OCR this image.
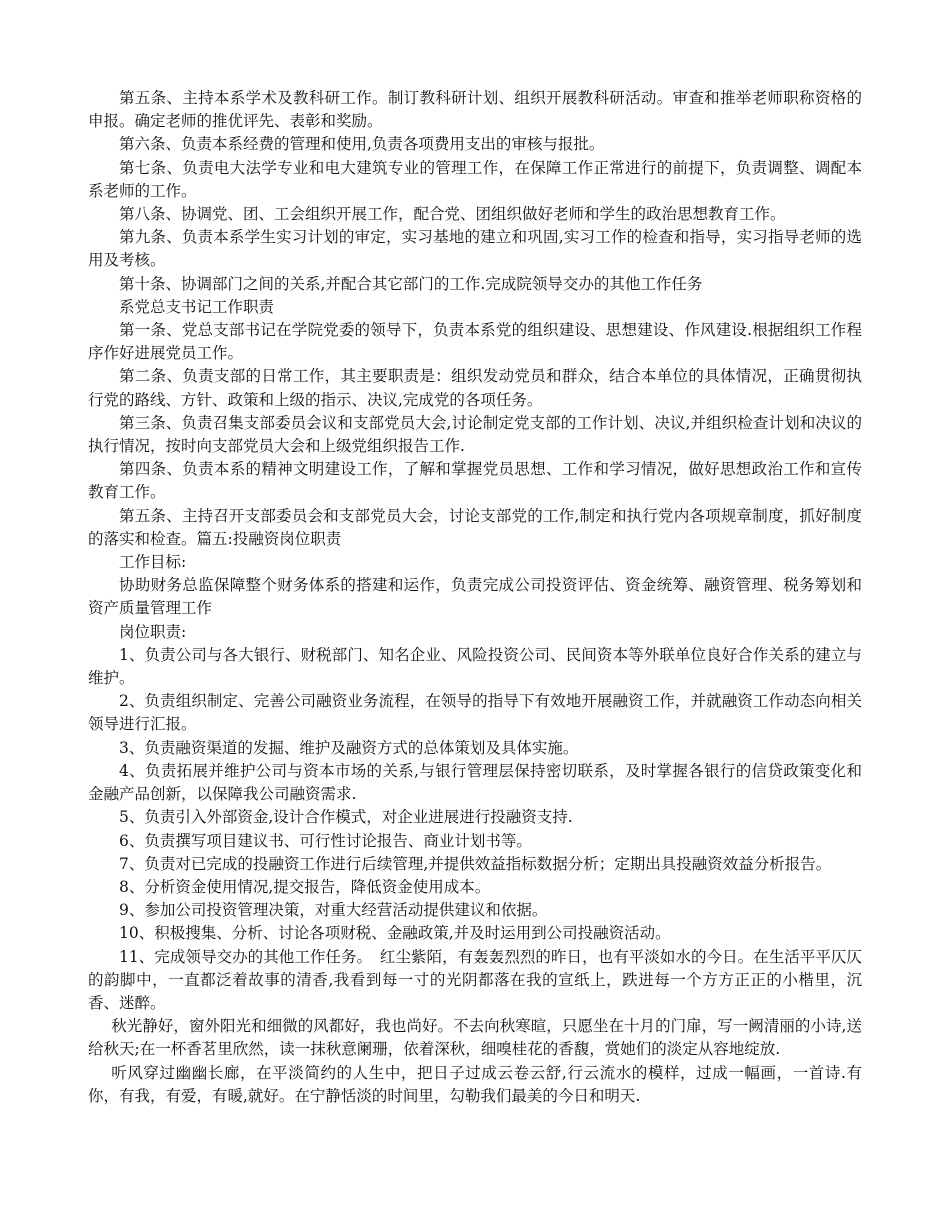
第五条、主持本系学术及教科研工作。制订教科研计划、组织开展教科研活动。审查和推举老师职称资格的申报。确定老师的推优评先、表彰和奖励。

第六条、负责本系经费的管理和使用,负责各项费用支出的审核与报批。

第七条、负责电大法学专业和电大建筑专业的管理工作，在保障工作正常进行的前提下，负责调整、调配本系老师的工作。

第八条、协调党、团、工会组织开展工作，配合党、团组织做好老师和学生的政治思想教育工作。

第九条、负责本系学生实习计划的审定，实习基地的建立和巩固,实习工作的检查和指导，实习指导老师的选用及考核。

第十条、协调部门之间的关系,并配合其它部门的工作.完成院领导交办的其他工作任务

系党总支书记工作职责

第一条、党总支部书记在学院党委的领导下，负责本系党的组织建设、思想建设、作风建设.根据组织工作程序作好进展党员工作。

第二条、负责支部的日常工作，其主要职责是：组织发动党员和群众，结合本单位的具体情况，正确贯彻执行党的路线、方针、政策和上级的指示、决议,完成党的各项任务。

第三条、负责召集支部委员会议和支部党员大会,讨论制定党支部的工作计划、决议,并组织检查计划和决议的执行情况，按时向支部党员大会和上级党组织报告工作.

第四条、负责本系的精神文明建设工作，了解和掌握党员思想、工作和学习情况，做好思想政治工作和宣传教育工作。

第五条、主持召开支部委员会和支部党员大会，讨论支部党的工作,制定和执行党内各项规章制度，抓好制度的落实和检查。篇五:投融资岗位职责

工作目标:

协助财务总监保障整个财务体系的搭建和运作，负责完成公司投资评估、资金统筹、融资管理、税务筹划和资产质量管理工作

岗位职责:

1、负责公司与各大银行、财税部门、知名企业、风险投资公司、民间资本等外联单位良好合作关系的建立与维护。

2、负责组织制定、完善公司融资业务流程，在领导的指导下有效地开展融资工作，并就融资工作动态向相关领导进行汇报。

3、负责融资渠道的发掘、维护及融资方式的总体策划及具体实施。

4、负责拓展并维护公司与资本市场的关系,与银行管理层保持密切联系，及时掌握各银行的信贷政策变化和金融产品创新，以保障我公司融资需求.

5、负责引入外部资金,设计合作模式，对企业进展进行投融资支持.

6、负责撰写项目建议书、可行性讨论报告、商业计划书等。

7、负责对已完成的投融资工作进行后续管理,并提供效益指标数据分析；定期出具投融资效益分析报告。

8、分析资金使用情况,提交报告，降低资金使用成本。

9、参加公司投资管理决策，对重大经营活动提供建议和依据。

10、积极搜集、分析、讨论各项财税、金融政策,并及时运用到公司投融资活动。

11、完成领导交办的其他工作任务。　红尘紫陌，有轰轰烈烈的昨日，也有平淡如水的今日。在生活平平仄仄的韵脚中，一直都泛着故事的清香,我看到每一寸的光阴都落在我的宣纸上，跌进每一个方方正正的小楷里，沉香、迷醉。

秋光静好，窗外阳光和细微的风都好，我也尚好。不去向秋寒暄，只愿坐在十月的门扉，写一阙清丽的小诗,送给秋天;在一杯香茗里欣然，读一抹秋意阑珊，依着深秋，细嗅桂花的香馥，赏她们的淡定从容地绽放.

听风穿过幽幽长廊，在平淡简约的人生中，把日子过成云卷云舒,行云流水的模样，过成一幅画，一首诗.有你，有我，有爱，有暖,就好。在宁静恬淡的时间里，勾勒我们最美的今日和明天.
